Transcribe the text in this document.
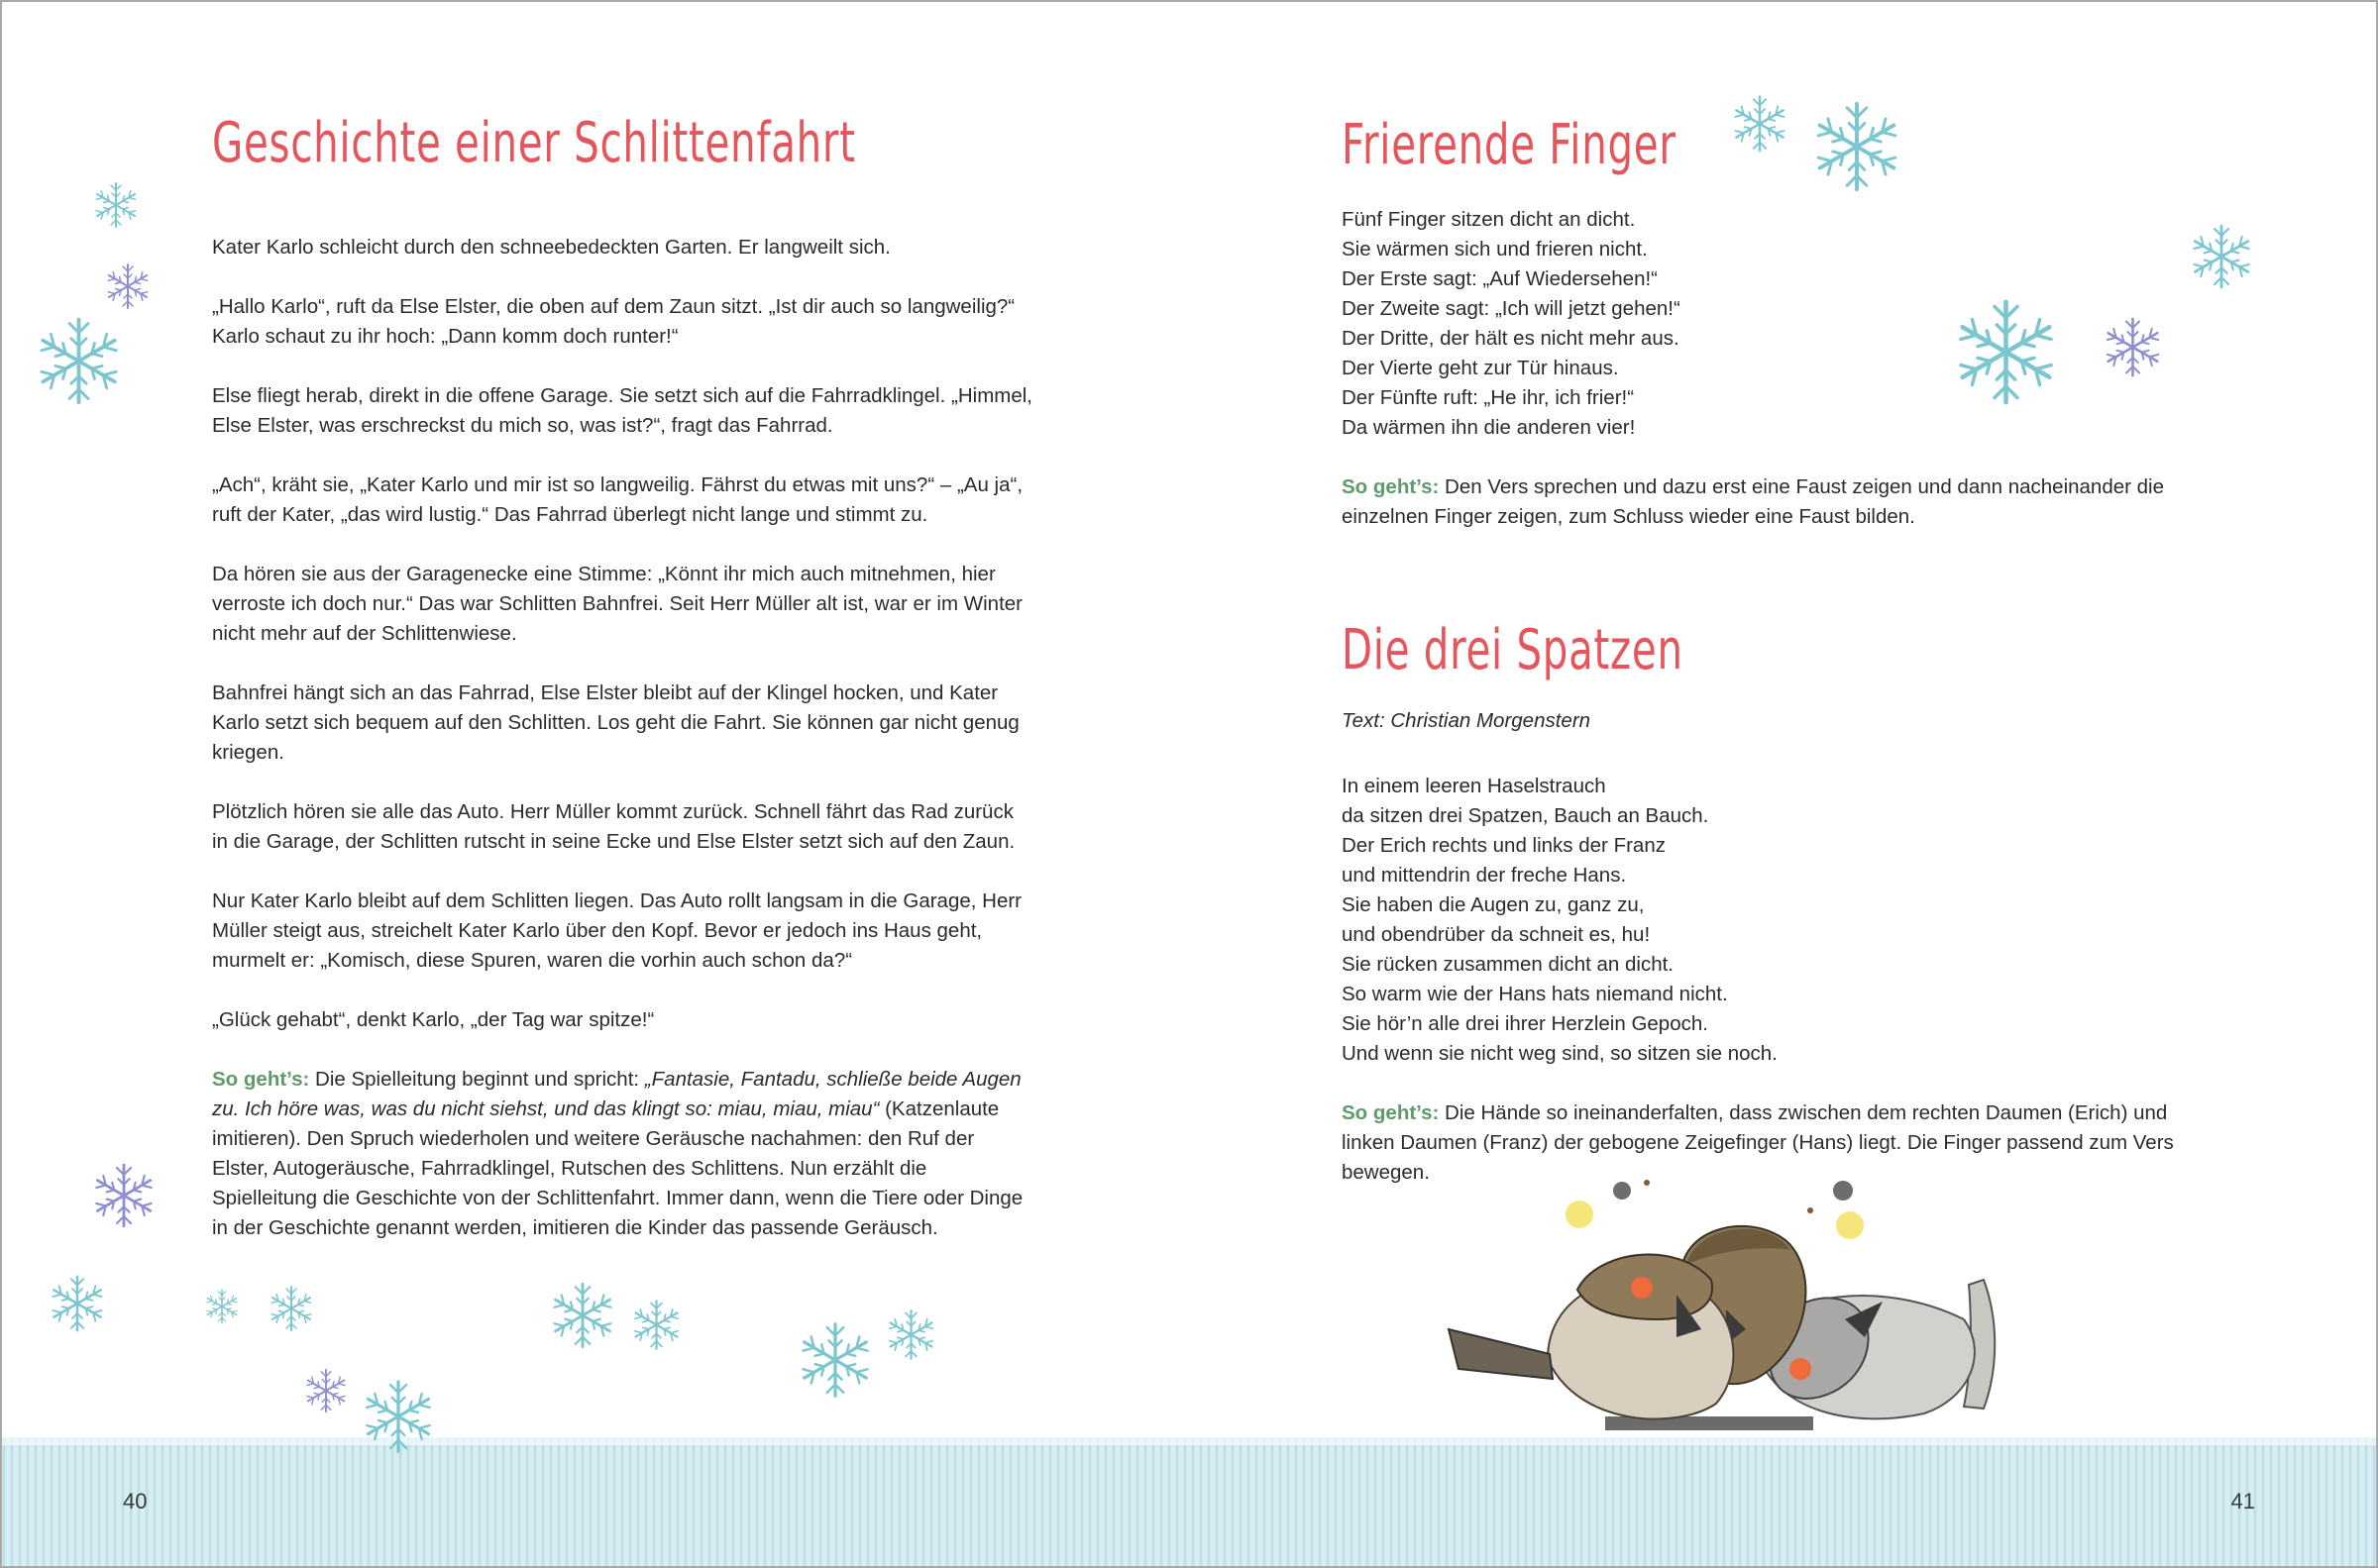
Geschichte einer Schlittenfahrt

Kater Karlo schleicht durch den schneebedeckten Garten. Er langweilt sich.

„Hallo Karlo“, ruft da Else Elster, die oben auf dem Zaun sitzt. „Ist dir auch so langweilig?“ Karlo schaut zu ihr hoch: „Dann komm doch runter!“

Else fliegt herab, direkt in die offene Garage. Sie setzt sich auf die Fahrradklingel. „Himmel, Else Elster, was erschreckst du mich so, was ist?“, fragt das Fahrrad.

„Ach“, kräht sie, „Kater Karlo und mir ist so langweilig. Fährst du etwas mit uns?“ – „Au ja“, ruft der Kater, „das wird lustig.“ Das Fahrrad überlegt nicht lange und stimmt zu.

Da hören sie aus der Garagenecke eine Stimme: „Könnt ihr mich auch mitnehmen, hier verroste ich doch nur.“ Das war Schlitten Bahnfrei. Seit Herr Müller alt ist, war er im Winter nicht mehr auf der Schlittenwiese.

Bahnfrei hängt sich an das Fahrrad, Else Elster bleibt auf der Klingel hocken, und Kater Karlo setzt sich bequem auf den Schlitten. Los geht die Fahrt. Sie können gar nicht genug kriegen.

Plötzlich hören sie alle das Auto. Herr Müller kommt zurück. Schnell fährt das Rad zurück in die Garage, der Schlitten rutscht in seine Ecke und Else Elster setzt sich auf den Zaun.

Nur Kater Karlo bleibt auf dem Schlitten liegen. Das Auto rollt langsam in die Garage, Herr Müller steigt aus, streichelt Kater Karlo über den Kopf. Bevor er jedoch ins Haus geht, murmelt er: „Komisch, diese Spuren, waren die vorhin auch schon da?“

„Glück gehabt“, denkt Karlo, „der Tag war spitze!“

So geht’s: Die Spielleitung beginnt und spricht: „Fantasie, Fantadu, schließe beide Augen zu. Ich höre was, was du nicht siehst, und das klingt so: miau, miau, miau“ (Katzenlaute imitieren). Den Spruch wiederholen und weitere Geräusche nachahmen: den Ruf der Elster, Autogeräusche, Fahrradklingel, Rutschen des Schlittens. Nun erzählt die Spielleitung die Geschichte von der Schlittenfahrt. Immer dann, wenn die Tiere oder Dinge in der Geschichte genannt werden, imitieren die Kinder das passende Geräusch.

40
Frierende Finger

Fünf Finger sitzen dicht an dicht.

Sie wärmen sich und frieren nicht.

Der Erste sagt: „Auf Wiedersehen!“

Der Zweite sagt: „Ich will jetzt gehen!“

Der Dritte, der hält es nicht mehr aus.

Der Vierte geht zur Tür hinaus.

Der Fünfte ruft: „He ihr, ich frier!“

Da wärmen ihn die anderen vier!

So geht’s: Den Vers sprechen und dazu erst eine Faust zeigen und dann nacheinander die einzelnen Finger zeigen, zum Schluss wieder eine Faust bilden.

Die drei Spatzen
Text: Christian Morgenstern

In einem leeren Haselstrauch

da sitzen drei Spatzen, Bauch an Bauch.

Der Erich rechts und links der Franz

und mittendrin der freche Hans.

Sie haben die Augen zu, ganz zu,

und obendrüber da schneit es, hu!

Sie rücken zusammen dicht an dicht.

So warm wie der Hans hats niemand nicht.

Sie hör’n alle drei ihrer Herzlein Gepoch.

Und wenn sie nicht weg sind, so sitzen sie noch.

So geht’s: Die Hände so ineinanderfalten, dass zwischen dem rechten Daumen (Erich) und linken Daumen (Franz) der gebogene Zeigefinger (Hans) liegt. Die Finger passend zum Vers bewegen.

41
